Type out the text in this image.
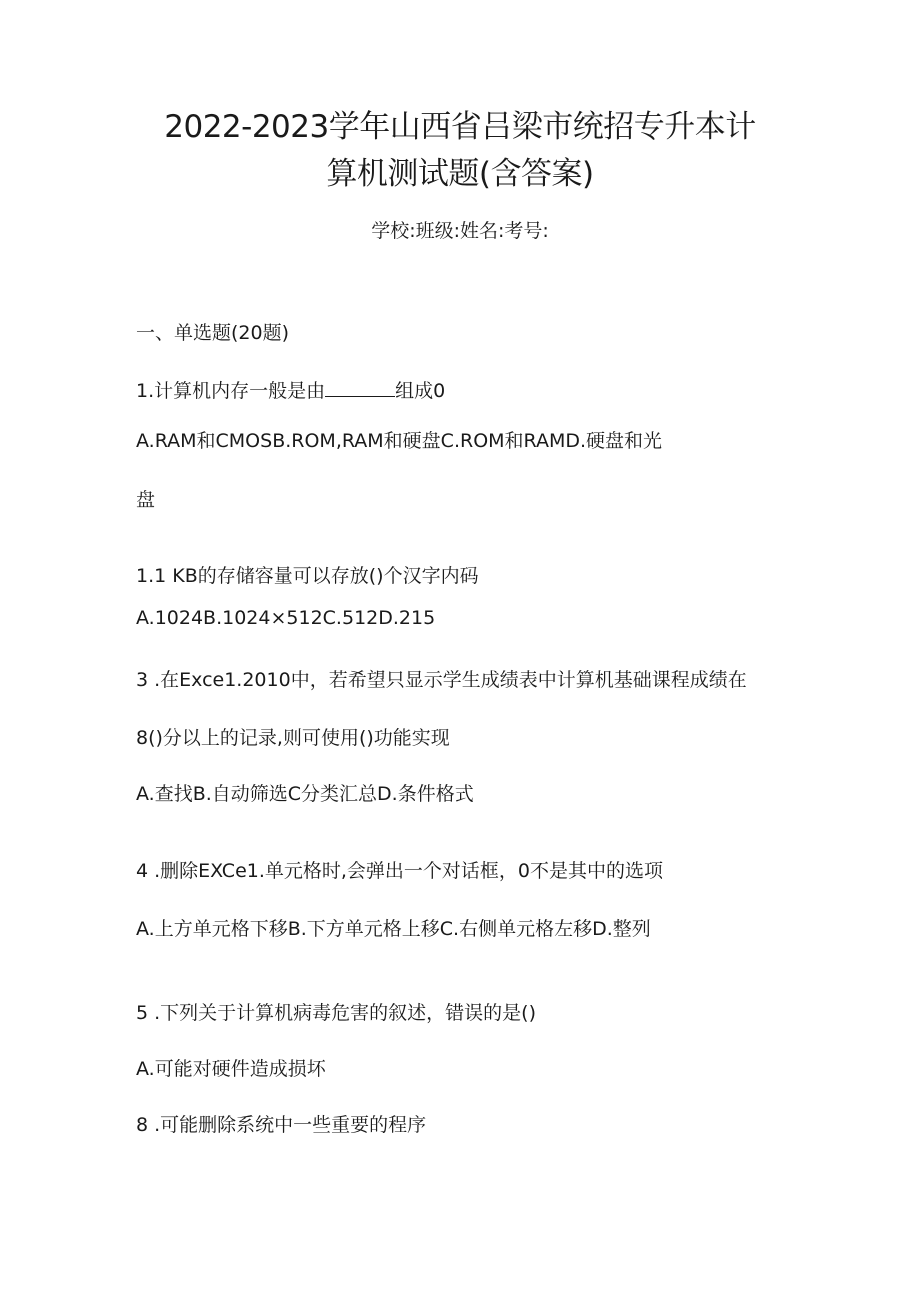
2022-2023学年山西省吕梁市统招专升本计
算机测试题(含答案)
学校:班级:姓名:考号:
一、单选题(20题)
1.计算机内存一般是由	组成0
A.RAM和CMOSB.ROM,RAM和硬盘C.ROM和RAMD.硬盘和光
盘
1.1 KB的存储容量可以存放()个汉字内码
A.1024B.1024×512C.512D.215
3 .在Exce1.2010中，若希望只显示学生成绩表中计算机基础课程成绩在
8()分以上的记录,则可使用()功能实现
A.查找B.自动筛选C分类汇总D.条件格式
4 .删除EXCe1.单元格时,会弹出一个对话框，0不是其中的选项
A.上方单元格下移B.下方单元格上移C.右侧单元格左移D.整列
5 .下列关于计算机病毒危害的叙述，错误的是()
A.可能对硬件造成损坏
8 .可能删除系统中一些重要的程序
